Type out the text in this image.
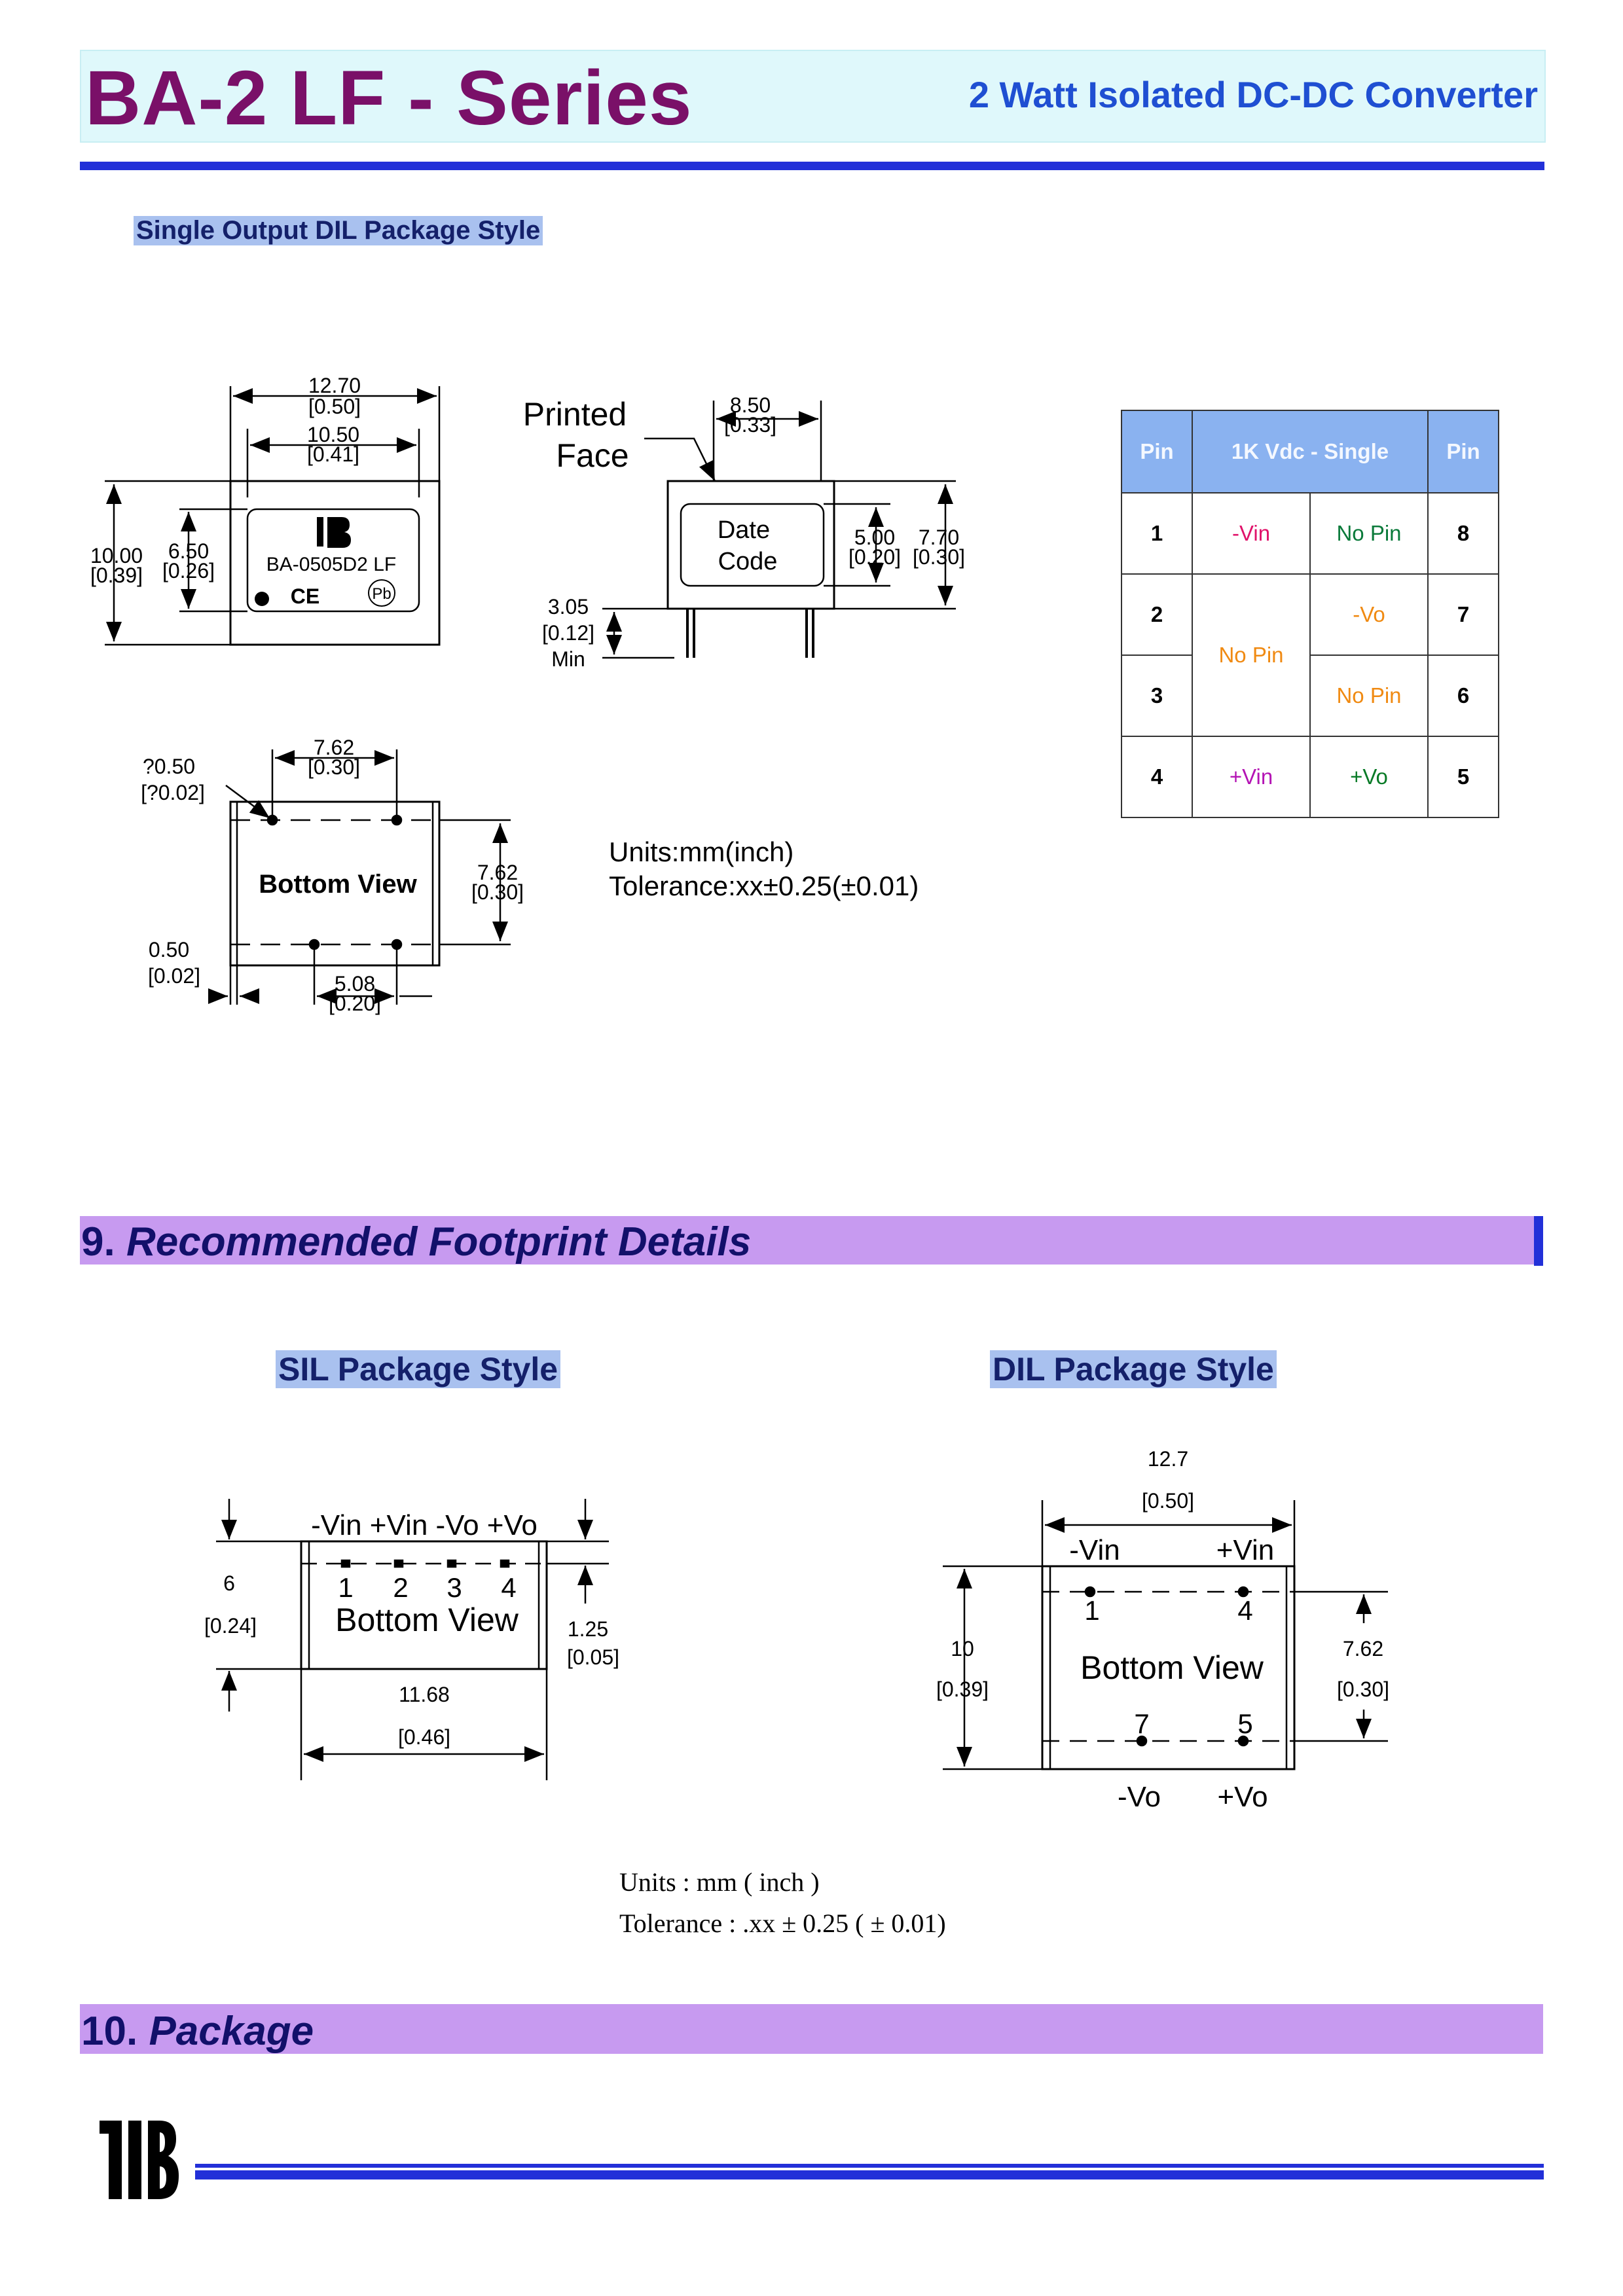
BA-2 LF - Series	2 Watt Isolated DC-DC Converter
Single Output DIL Package Style
12.70
[0.50]
10.50
[0.41]
10.00
[0.39]
6.50
[0.26]	BA-0505D2 LF
CE	Pb
Printed
Face
8.50
[0.33]
Date
Code
5.00
[0.20]
7.70
[0.30]
3.05
[0.12]
Min
?0.50
[?0.02]
7.62
[0.30]
Bottom View	7.62
[0.30]
0.50
[0.02]	5.08
[0.20]
-Vin +Vin -Vo +Vo
1 2 3 4
Bottom View
6
[0.24]	1.25
[0.05]
11.68
[0.46]
12.7
[0.50]
-Vin	+Vin
1	4
Bottom View
7	5
-Vo +Vo
10
[0.39]
7.62
[0.30]
Pin	1K Vdc - Single		Pin
1	-Vin	No Pin	8
2	No Pin	-Vo	7
3		No Pin	6
4	+Vin	+Vo	5
Units:mm(inch)
Tolerance:xx±0.25(±0.01)
9. Recommended Footprint Details
SIL Package Style	DIL Package Style
Units : mm ( inch )
Tolerance : .xx ± 0.25 ( ± 0.01)
10. Package
